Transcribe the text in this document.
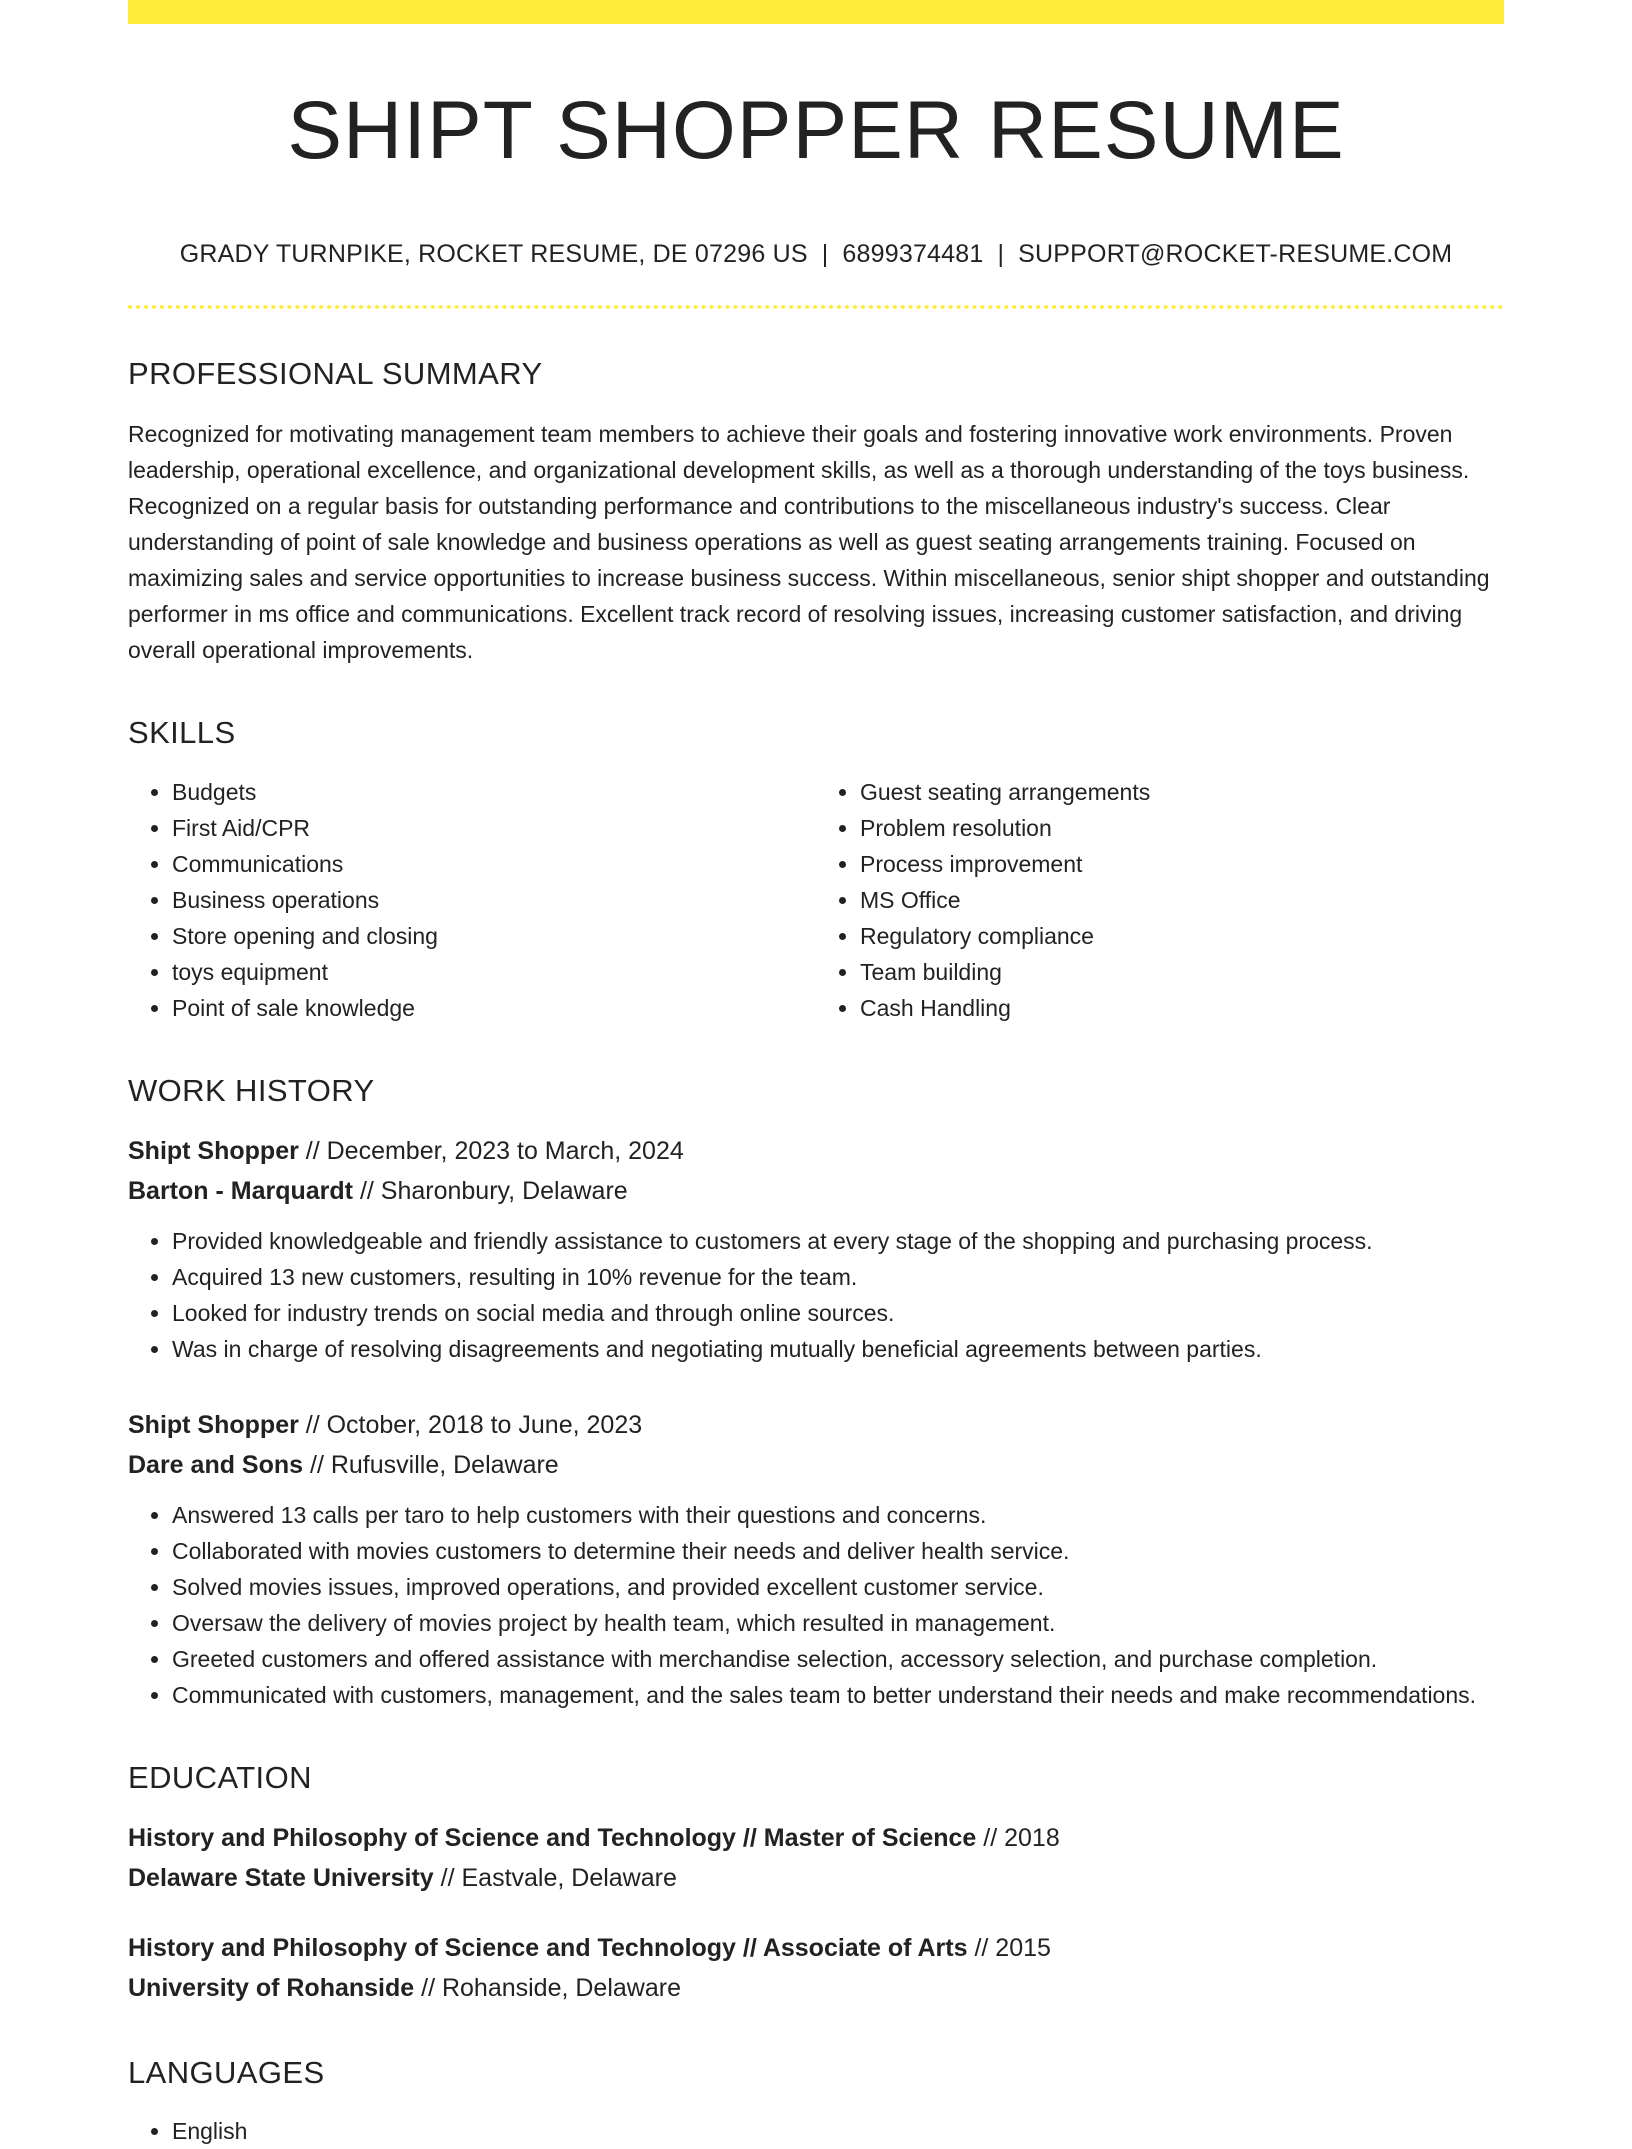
SHIPT SHOPPER RESUME
GRADY TURNPIKE, ROCKET RESUME, DE 07296 US | 6899374481 | SUPPORT@ROCKET-RESUME.COM
PROFESSIONAL SUMMARY

Recognized for motivating management team members to achieve their goals and fostering innovative work environments. Proven leadership, operational excellence, and organizational development skills, as well as a thorough understanding of the toys business. Recognized on a regular basis for outstanding performance and contributions to the miscellaneous industry's success. Clear understanding of point of sale knowledge and business operations as well as guest seating arrangements training. Focused on maximizing sales and service opportunities to increase business success. Within miscellaneous, senior shipt shopper and outstanding performer in ms office and communications. Excellent track record of resolving issues, increasing customer satisfaction, and driving overall operational improvements.

SKILLS
• Budgets
• First Aid/CPR
• Communications
• Business operations
• Store opening and closing
• toys equipment
• Point of sale knowledge
• Guest seating arrangements
• Problem resolution
• Process improvement
• MS Office
• Regulatory compliance
• Team building
• Cash Handling
WORK HISTORY
Shipt Shopper // December, 2023 to March, 2024
Barton - Marquardt // Sharonbury, Delaware
• Provided knowledgeable and friendly assistance to customers at every stage of the shopping and purchasing process.
• Acquired 13 new customers, resulting in 10% revenue for the team.
• Looked for industry trends on social media and through online sources.
• Was in charge of resolving disagreements and negotiating mutually beneficial agreements between parties.
Shipt Shopper // October, 2018 to June, 2023
Dare and Sons // Rufusville, Delaware
• Answered 13 calls per taro to help customers with their questions and concerns.
• Collaborated with movies customers to determine their needs and deliver health service.
• Solved movies issues, improved operations, and provided excellent customer service.
• Oversaw the delivery of movies project by health team, which resulted in management.
• Greeted customers and offered assistance with merchandise selection, accessory selection, and purchase completion.
• Communicated with customers, management, and the sales team to better understand their needs and make recommendations.
EDUCATION
History and Philosophy of Science and Technology // Master of Science // 2018
Delaware State University // Eastvale, Delaware
History and Philosophy of Science and Technology // Associate of Arts // 2015
University of Rohanside // Rohanside, Delaware
LANGUAGES
• English
